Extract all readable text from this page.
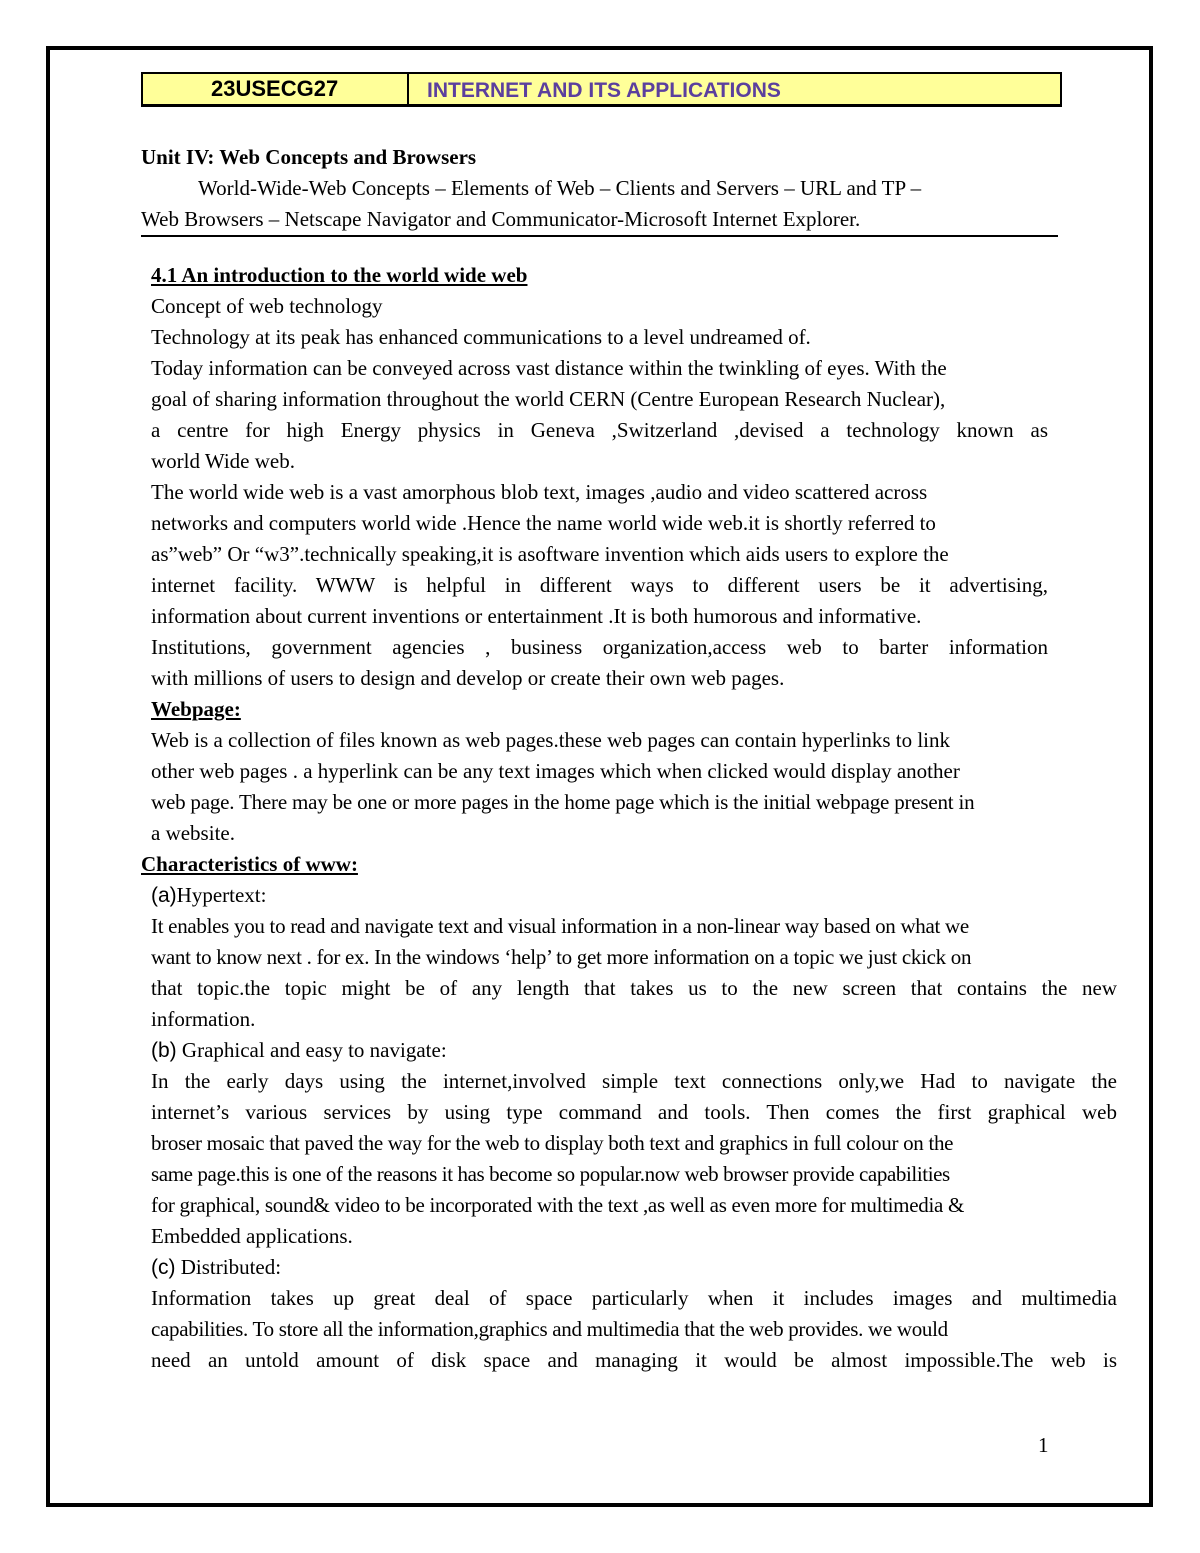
23USECG27	INTERNET AND ITS APPLICATIONS
Unit IV: Web Concepts and Browsers
World-Wide-Web Concepts – Elements of Web – Clients and Servers – URL and TP –
Web Browsers – Netscape Navigator and Communicator-Microsoft Internet Explorer.
4.1 An introduction to the world wide web
Concept of web technology
Technology at its peak has enhanced communications to a level undreamed of.
Today information can be conveyed across vast distance within the twinkling of eyes. With the
goal of sharing information throughout the world CERN (Centre European Research Nuclear),
a centre for high Energy physics in Geneva ,Switzerland ,devised a technology known as
world Wide web.
The world wide web is a vast amorphous blob text, images ,audio and video scattered across
networks and computers world wide .Hence the name world wide web.it is shortly referred to
as”web” Or “w3”.technically speaking,it is asoftware invention which aids users to explore the
internet facility. WWW is helpful in different ways to different users be it advertising,
information about current inventions or entertainment .It is both humorous and informative.
Institutions, government agencies , business organization,access web to barter information
with millions of users to design and develop or create their own web pages.
Webpage:
Web is a collection of files known as web pages.these web pages can contain hyperlinks to link
other web pages . a hyperlink can be any text images which when clicked would display another
web page. There may be one or more pages in the home page which is the initial webpage present in
a website.
Characteristics of www:
(a)Hypertext:
It enables you to read and navigate text and visual information in a non-linear way based on what we
want to know next . for ex. In the windows ‘help’ to get more information on a topic we just ckick on
that topic.the topic might be of any length that takes us to the new screen that contains the new
information.
(b) Graphical and easy to navigate:
In the early days using the internet,involved simple text connections only,we Had to navigate the
internet’s various services by using type command and tools. Then comes the first graphical web
broser mosaic that paved the way for the web to display both text and graphics in full colour on the
same page.this is one of the reasons it has become so popular.now web browser provide capabilities
for graphical, sound& video to be incorporated with the text ,as well as even more for multimedia &
Embedded applications.
(c) Distributed:
Information takes up great deal of space particularly when it includes images and multimedia
capabilities. To store all the information,graphics and multimedia that the web provides. we would
need an untold amount of disk space and managing it would be almost impossible.The web is
1
